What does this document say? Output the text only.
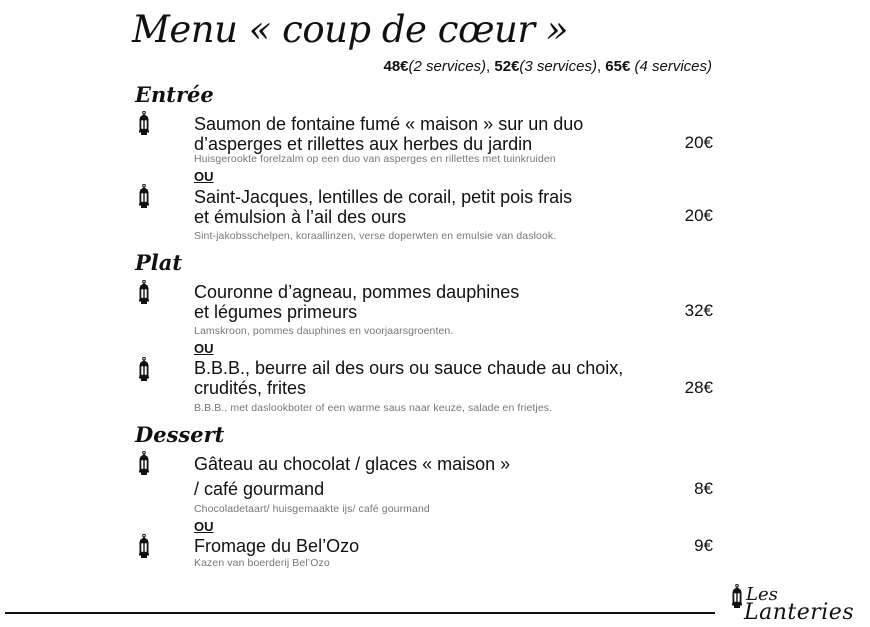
Menu « coup de cœur »
48€(2 services), 52€(3 services), 65€ (4 services)
Entrée
Saumon de fontaine fumé « maison » sur un duo
d’asperges et rillettes aux herbes du jardin	20€
Huisgerookte forelzalm op een duo van asperges en rillettes met tuinkruiden
OU
Saint-Jacques, lentilles de corail, petit pois frais
et émulsion à l’ail des ours	20€
Sint-jakobsschelpen, koraallinzen, verse doperwten en emulsie van daslook.
Plat
Couronne d’agneau, pommes dauphines
et légumes primeurs	32€
Lamskroon, pommes dauphines en voorjaarsgroenten.
OU
B.B.B., beurre ail des ours ou sauce chaude au choix,
crudités, frites	28€
B.B.B., met daslookboter of een warme saus naar keuze, salade en frietjes.
Dessert
Gâteau au chocolat / glaces « maison »
/ café gourmand	8€
Chocoladetaart/ huisgemaakte ijs/ café gourmand
OU
Fromage du Bel’Ozo	9€
Kazen van boerderij Bel’Ozo
Les
Lanteries
